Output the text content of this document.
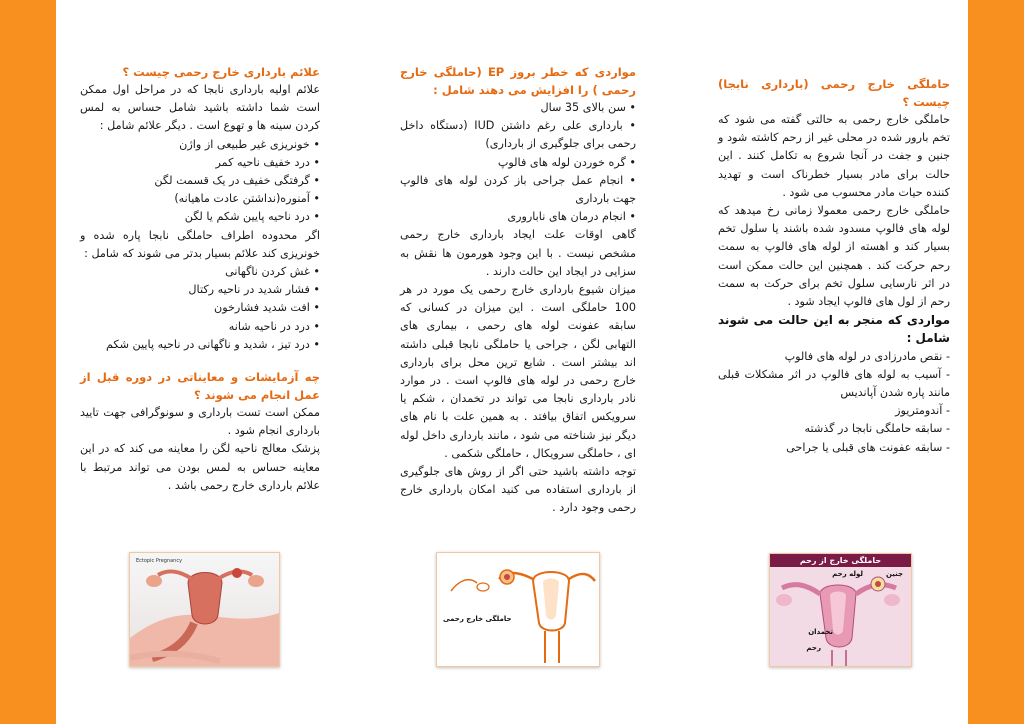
علائم بارداری خارج رحمی چیست ؟

علائم اولیه بارداری نابجا که در مراحل اول ممکن است شما داشته باشید شامل حساس به لمس کردن سینه ها و تهوع است . دیگر علائم شامل :

• خونریزی غیر طبیعی از واژن
• درد خفیف ناحیه کمر
• گرفتگی خفیف در یک قسمت لگن
• آمنوره(نداشتن عادت ماهیانه)
• درد ناحیه پایین شکم یا لگن

اگر محدوده اطراف حاملگی نابجا پاره شده و خونریزی کند علائم بسیار بدتر می شوند که شامل :

• غش کردن ناگهانی
• فشار شدید در ناحیه رکتال
• افت شدید فشارخون
• درد در ناحیه شانه
• درد تیز ، شدید و ناگهانی در ناحیه پایین شکم

چه آزمایشات و معایناتی در دوره قبل از عمل انجام می شوند ؟

ممکن است تست بارداری و سونوگرافی جهت تایید بارداری انجام شود .

پزشک معالج ناحیه لگن را معاینه می کند که در این معاینه حساس به لمس بودن می تواند مرتبط با علائم بارداری خارج رحمی باشد .

مواردی که خطر بروز EP (حاملگی خارج رحمی ) را افزایش می دهند شامل :

• سن بالای 35 سال
• بارداری علی رغم داشتن IUD (دستگاه داخل رحمی برای جلوگیری از بارداری)
• گره خوردن لوله های فالوپ
• انجام عمل جراحی باز کردن لوله های فالوپ جهت بارداری
• انجام درمان های ناباروری

گاهی اوقات علت ایجاد بارداری خارج رحمی مشخص نیست . با این وجود هورمون ها نقش به سزایی در ایجاد این حالت دارند .

میزان شیوع بارداری خارج رحمی یک مورد در هر 100 حاملگی است . این میزان در کسانی که سابقه عفونت لوله های رحمی ، بیماری های التهابی لگن ، جراحی یا حاملگی نابجا قبلی داشته اند بیشتر است . شایع ترین محل برای بارداری خارج رحمی در لوله های فالوپ است . در موارد نادر بارداری نابجا می تواند در تخمدان ، شکم یا سرویکس اتفاق بیافتد . به همین علت با نام های دیگر نیز شناخته می شود ، مانند بارداری داخل لوله ای ، حاملگی سرویکال ، حاملگی شکمی .

توجه داشته باشید حتی اگر از روش های جلوگیری از بارداری استفاده می کنید امکان بارداری خارج رحمی وجود دارد .

حاملگی خارج رحمی (بارداری نابجا) چیست ؟

حاملگی خارج رحمی به حالتی گفته می شود که تخم بارور شده در محلی غیر از رحم کاشته شود و جنین و جفت در آنجا شروع به تکامل کنند . این حالت برای مادر بسیار خطرناک است و تهدید کننده حیات مادر محسوب می شود .

حاملگی خارج رحمی معمولا زمانی رخ میدهد که لوله های فالوپ مسدود شده باشند یا سلول تخم بسیار کند و اهسته از لوله های فالوپ به سمت رحم حرکت کند . همچنین این حالت ممکن است در اثر نارسایی سلول تخم برای حرکت به سمت رحم از لول های فالوپ ایجاد شود .

مواردی که منجر به این حالت می شوند شامل :

- نقص مادرزادی در لوله های فالوپ
- آسیب به لوله های فالوپ در اثر مشکلات قبلی مانند پاره شدن آپاندیس
- آندومتریوز
- سابقه حاملگی نابجا در گذشته
- سابقه عفونت های قبلی یا جراحی
Ectopic Pregnancy
حاملگی خارج رحمی
حاملگی خارج از رحم
جنین
لوله رحم
تخمدان
رحم
